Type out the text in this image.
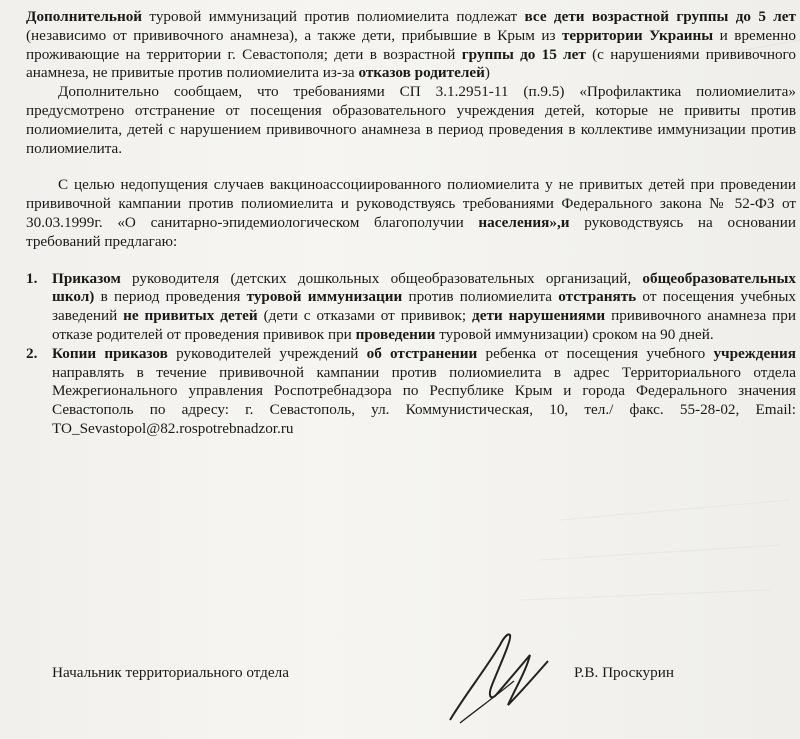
Дополнительной туровой иммунизаций против полиомиелита подлежат все дети возрастной группы до 5 лет (независимо от прививочного анамнеза), а также дети, прибывшие в Крым из территории Украины и временно проживающие на территории г. Севастополя; дети в возрастной группы до 15 лет (с нарушениями прививочного анамнеза, не привитые против полиомиелита из-за отказов родителей)

Дополнительно сообщаем, что требованиями СП 3.1.2951-11 (п.9.5) «Профилактика полиомиелита» предусмотрено отстранение от посещения образовательного учреждения детей, которые не привиты против полиомиелита, детей с нарушением прививочного анамнеза в период проведения в коллективе иммунизации против полиомиелита.

С целью недопущения случаев вакциноассоциированного полиомиелита у не привитых детей при проведении прививочной кампании против полиомиелита и руководствуясь требованиями Федерального закона № 52-ФЗ от 30.03.1999г. «О санитарно-эпидемиологическом благополучии населения»,и руководствуясь на основании требований предлагаю:

1. Приказом руководителя (детских дошкольных общеобразовательных организаций, общеобразовательных школ) в период проведения туровой иммунизации против полиомиелита отстранять от посещения учебных заведений не привитых детей (дети с отказами от прививок; дети нарушениями прививочного анамнеза при отказе родителей от проведения прививок при проведении туровой иммунизации) сроком на 90 дней.
2. Копии приказов руководителей учреждений об отстранении ребенка от посещения учебного учреждения направлять в течение прививочной кампании против полиомиелита в адрес Территориального отдела Межрегионального управления Роспотребнадзора по Республике Крым и города Федерального значения Севастополь по адресу: г. Севастополь, ул. Коммунистическая, 10, тел./ факс. 55-28-02, Email: TO_Sevastopol@82.rospotrebnadzor.ru
Начальник территориального отдела	Р.В. Проскурин
